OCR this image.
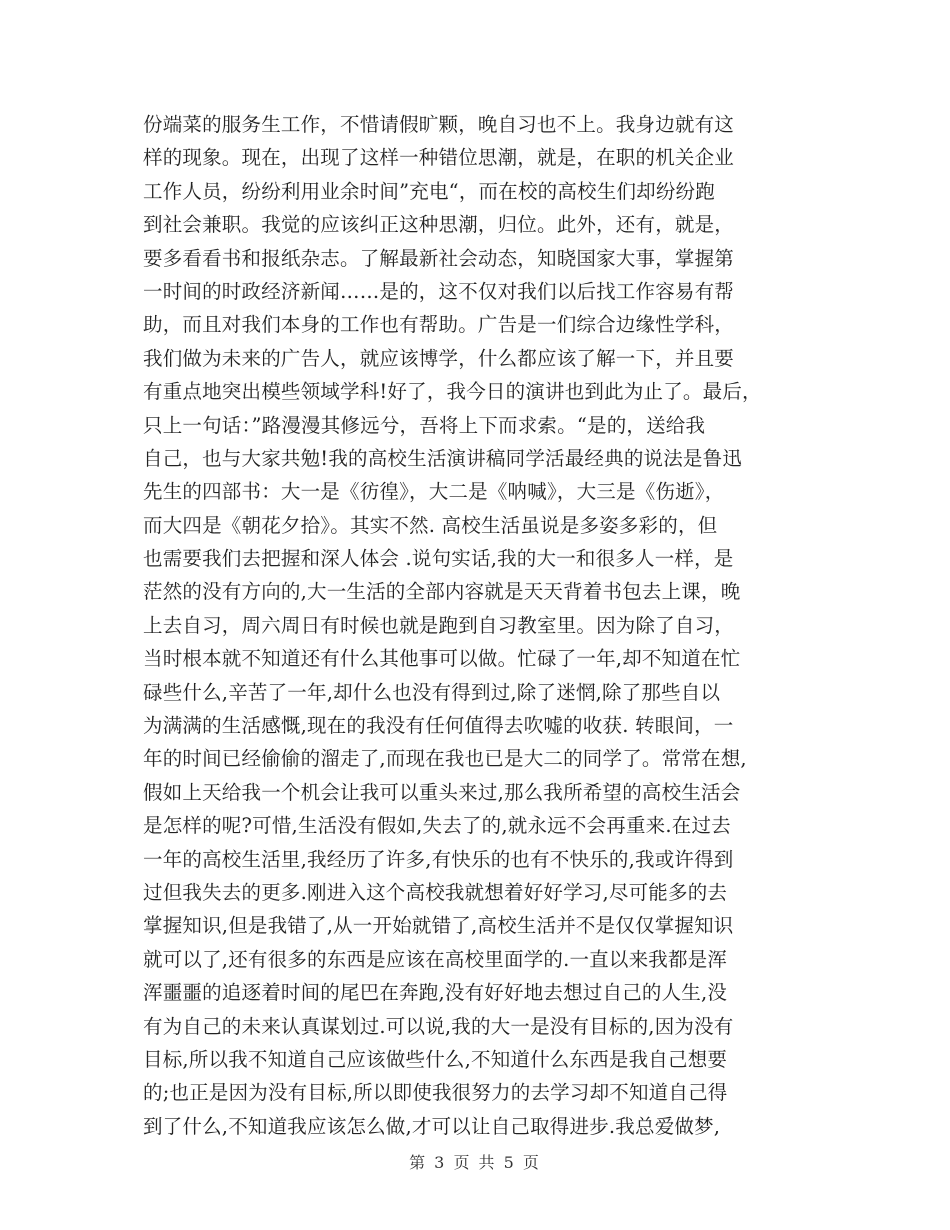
份端菜的服务生工作，不惜请假旷颗，晚自习也不上。我身边就有这
样的现象。现在，出现了这样一种错位思潮，就是，在职的机关企业
工作人员，纷纷利用业余时间”充电“，而在校的高校生们却纷纷跑
到社会兼职。我觉的应该纠正这种思潮，归位。此外，还有，就是，
要多看看书和报纸杂志。了解最新社会动态，知晓国家大事，掌握第
一时间的时政经济新闻……是的，这不仅对我们以后找工作容易有帮
助，而且对我们本身的工作也有帮助。广告是一们综合边缘性学科，
我们做为未来的广告人，就应该博学，什么都应该了解一下，并且要
有重点地突出模些领域学科!好了，我今日的演讲也到此为止了。最后，
只上一句话：”路漫漫其修远兮，吾将上下而求索。“是的，送给我
自己，也与大家共勉!我的高校生活演讲稿同学活最经典的说法是鲁迅
先生的四部书：大一是《彷徨》，大二是《呐喊》，大三是《伤逝》，
而大四是《朝花夕拾》。其实不然. 高校生活虽说是多姿多彩的，但
也需要我们去把握和深人体会 .说句实话,我的大一和很多人一样，是
茫然的没有方向的,大一生活的全部内容就是天天背着书包去上课，晚
上去自习，周六周日有时候也就是跑到自习教室里。因为除了自习，
当时根本就不知道还有什么其他事可以做。忙碌了一年,却不知道在忙
碌些什么,辛苦了一年,却什么也没有得到过,除了迷惘,除了那些自以
为满满的生活感慨,现在的我没有任何值得去吹嘘的收获. 转眼间，一
年的时间已经偷偷的溜走了,而现在我也已是大二的同学了。常常在想,
假如上天给我一个机会让我可以重头来过,那么我所希望的高校生活会
是怎样的呢?可惜,生活没有假如,失去了的,就永远不会再重来.在过去
一年的高校生活里,我经历了许多,有快乐的也有不快乐的,我或许得到
过但我失去的更多.刚进入这个高校我就想着好好学习,尽可能多的去
掌握知识,但是我错了,从一开始就错了,高校生活并不是仅仅掌握知识
就可以了,还有很多的东西是应该在高校里面学的.一直以来我都是浑
浑噩噩的追逐着时间的尾巴在奔跑,没有好好地去想过自己的人生,没
有为自己的未来认真谋划过.可以说,我的大一是没有目标的,因为没有
目标,所以我不知道自己应该做些什么,不知道什么东西是我自己想要
的;也正是因为没有目标,所以即使我很努力的去学习却不知道自己得
到了什么,不知道我应该怎么做,才可以让自己取得进步.我总爱做梦,
第 3 页 共 5 页
